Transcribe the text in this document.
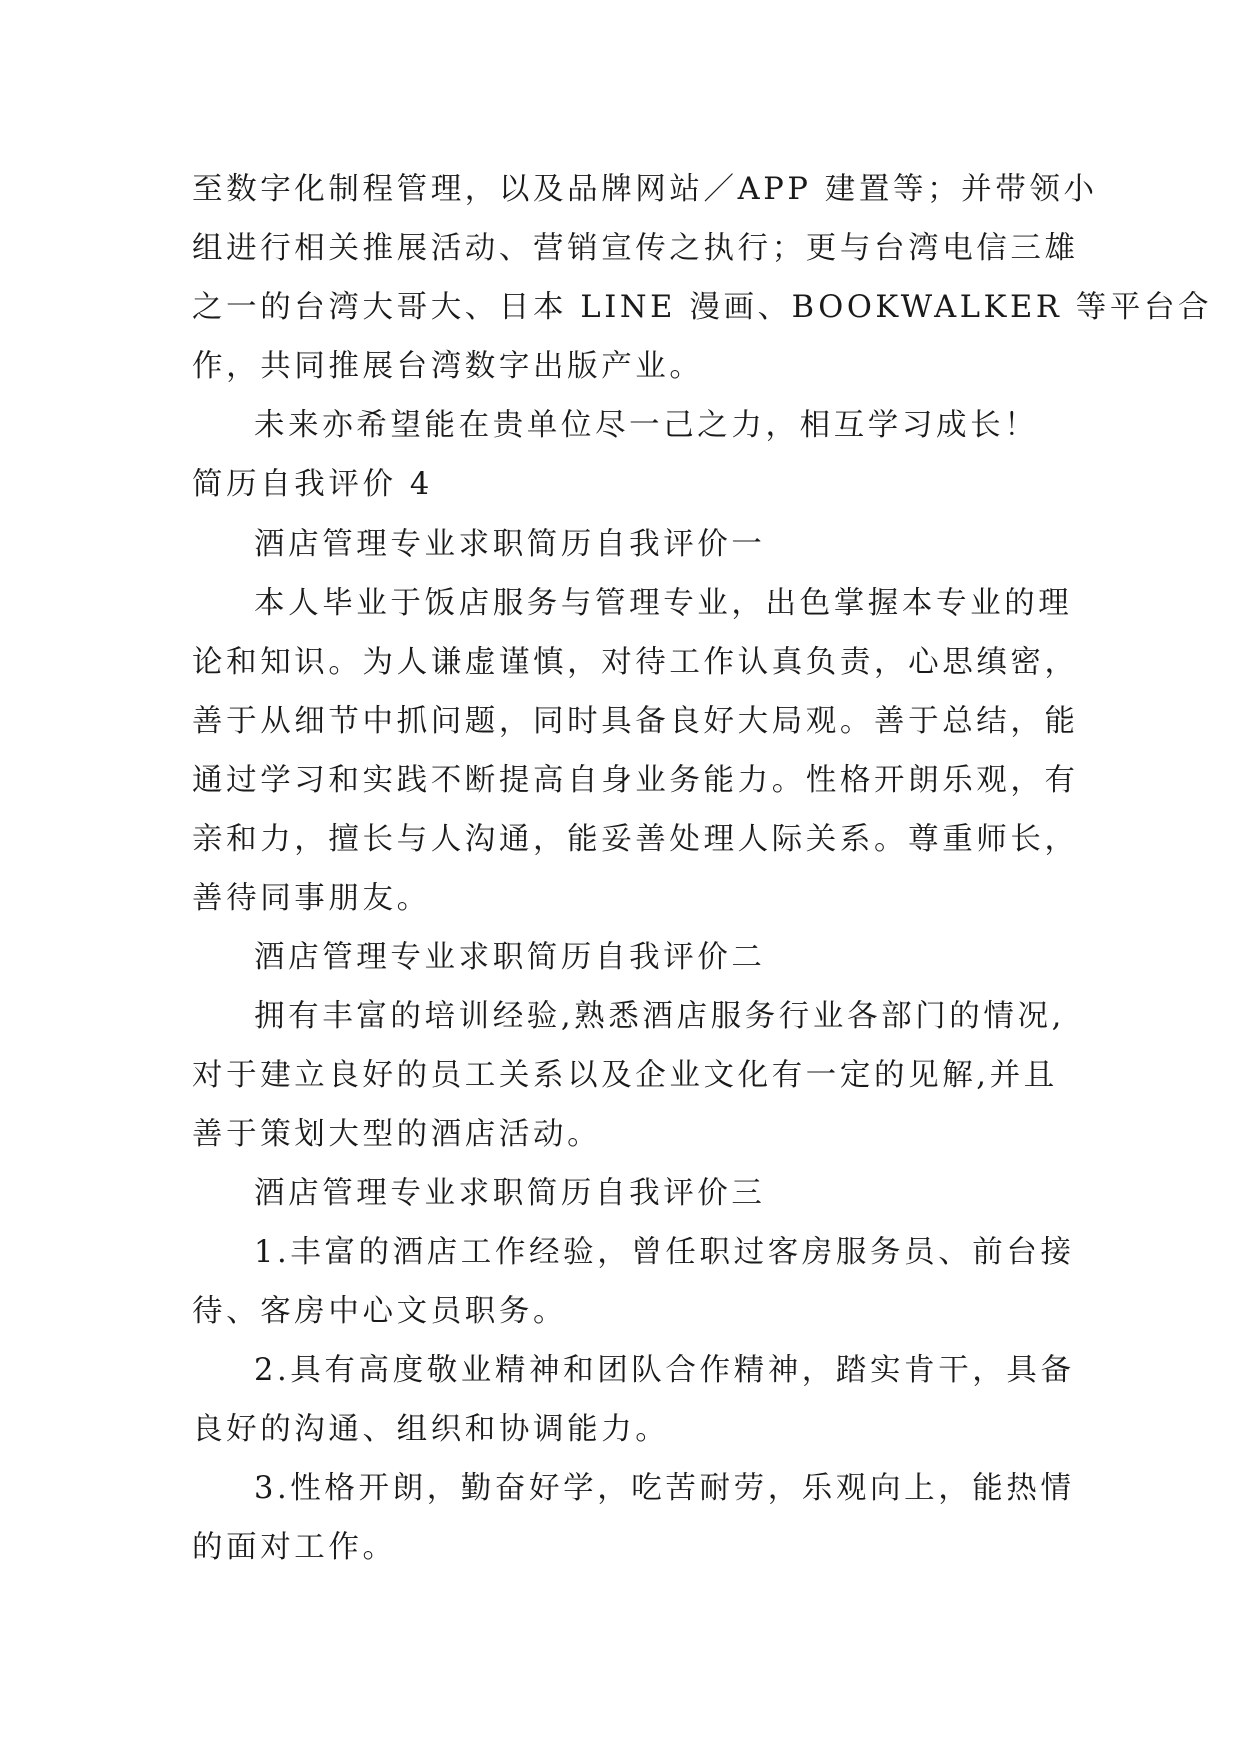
至数字化制程管理，以及品牌网站／APP 建置等；并带领小
组进行相关推展活动、营销宣传之执行；更与台湾电信三雄
之一的台湾大哥大、日本 LINE 漫画、BOOKWALKER 等平台合
作，共同推展台湾数字出版产业。
未来亦希望能在贵单位尽一己之力，相互学习成长！
简历自我评价 4
酒店管理专业求职简历自我评价一
本人毕业于饭店服务与管理专业，出色掌握本专业的理
论和知识。为人谦虚谨慎，对待工作认真负责，心思缜密，
善于从细节中抓问题，同时具备良好大局观。善于总结，能
通过学习和实践不断提高自身业务能力。性格开朗乐观，有
亲和力，擅长与人沟通，能妥善处理人际关系。尊重师长，
善待同事朋友。
酒店管理专业求职简历自我评价二
拥有丰富的培训经验,熟悉酒店服务行业各部门的情况,
对于建立良好的员工关系以及企业文化有一定的见解,并且
善于策划大型的酒店活动。
酒店管理专业求职简历自我评价三
1.丰富的酒店工作经验，曾任职过客房服务员、前台接
待、客房中心文员职务。
2.具有高度敬业精神和团队合作精神，踏实肯干，具备
良好的沟通、组织和协调能力。
3.性格开朗，勤奋好学，吃苦耐劳，乐观向上，能热情
的面对工作。
